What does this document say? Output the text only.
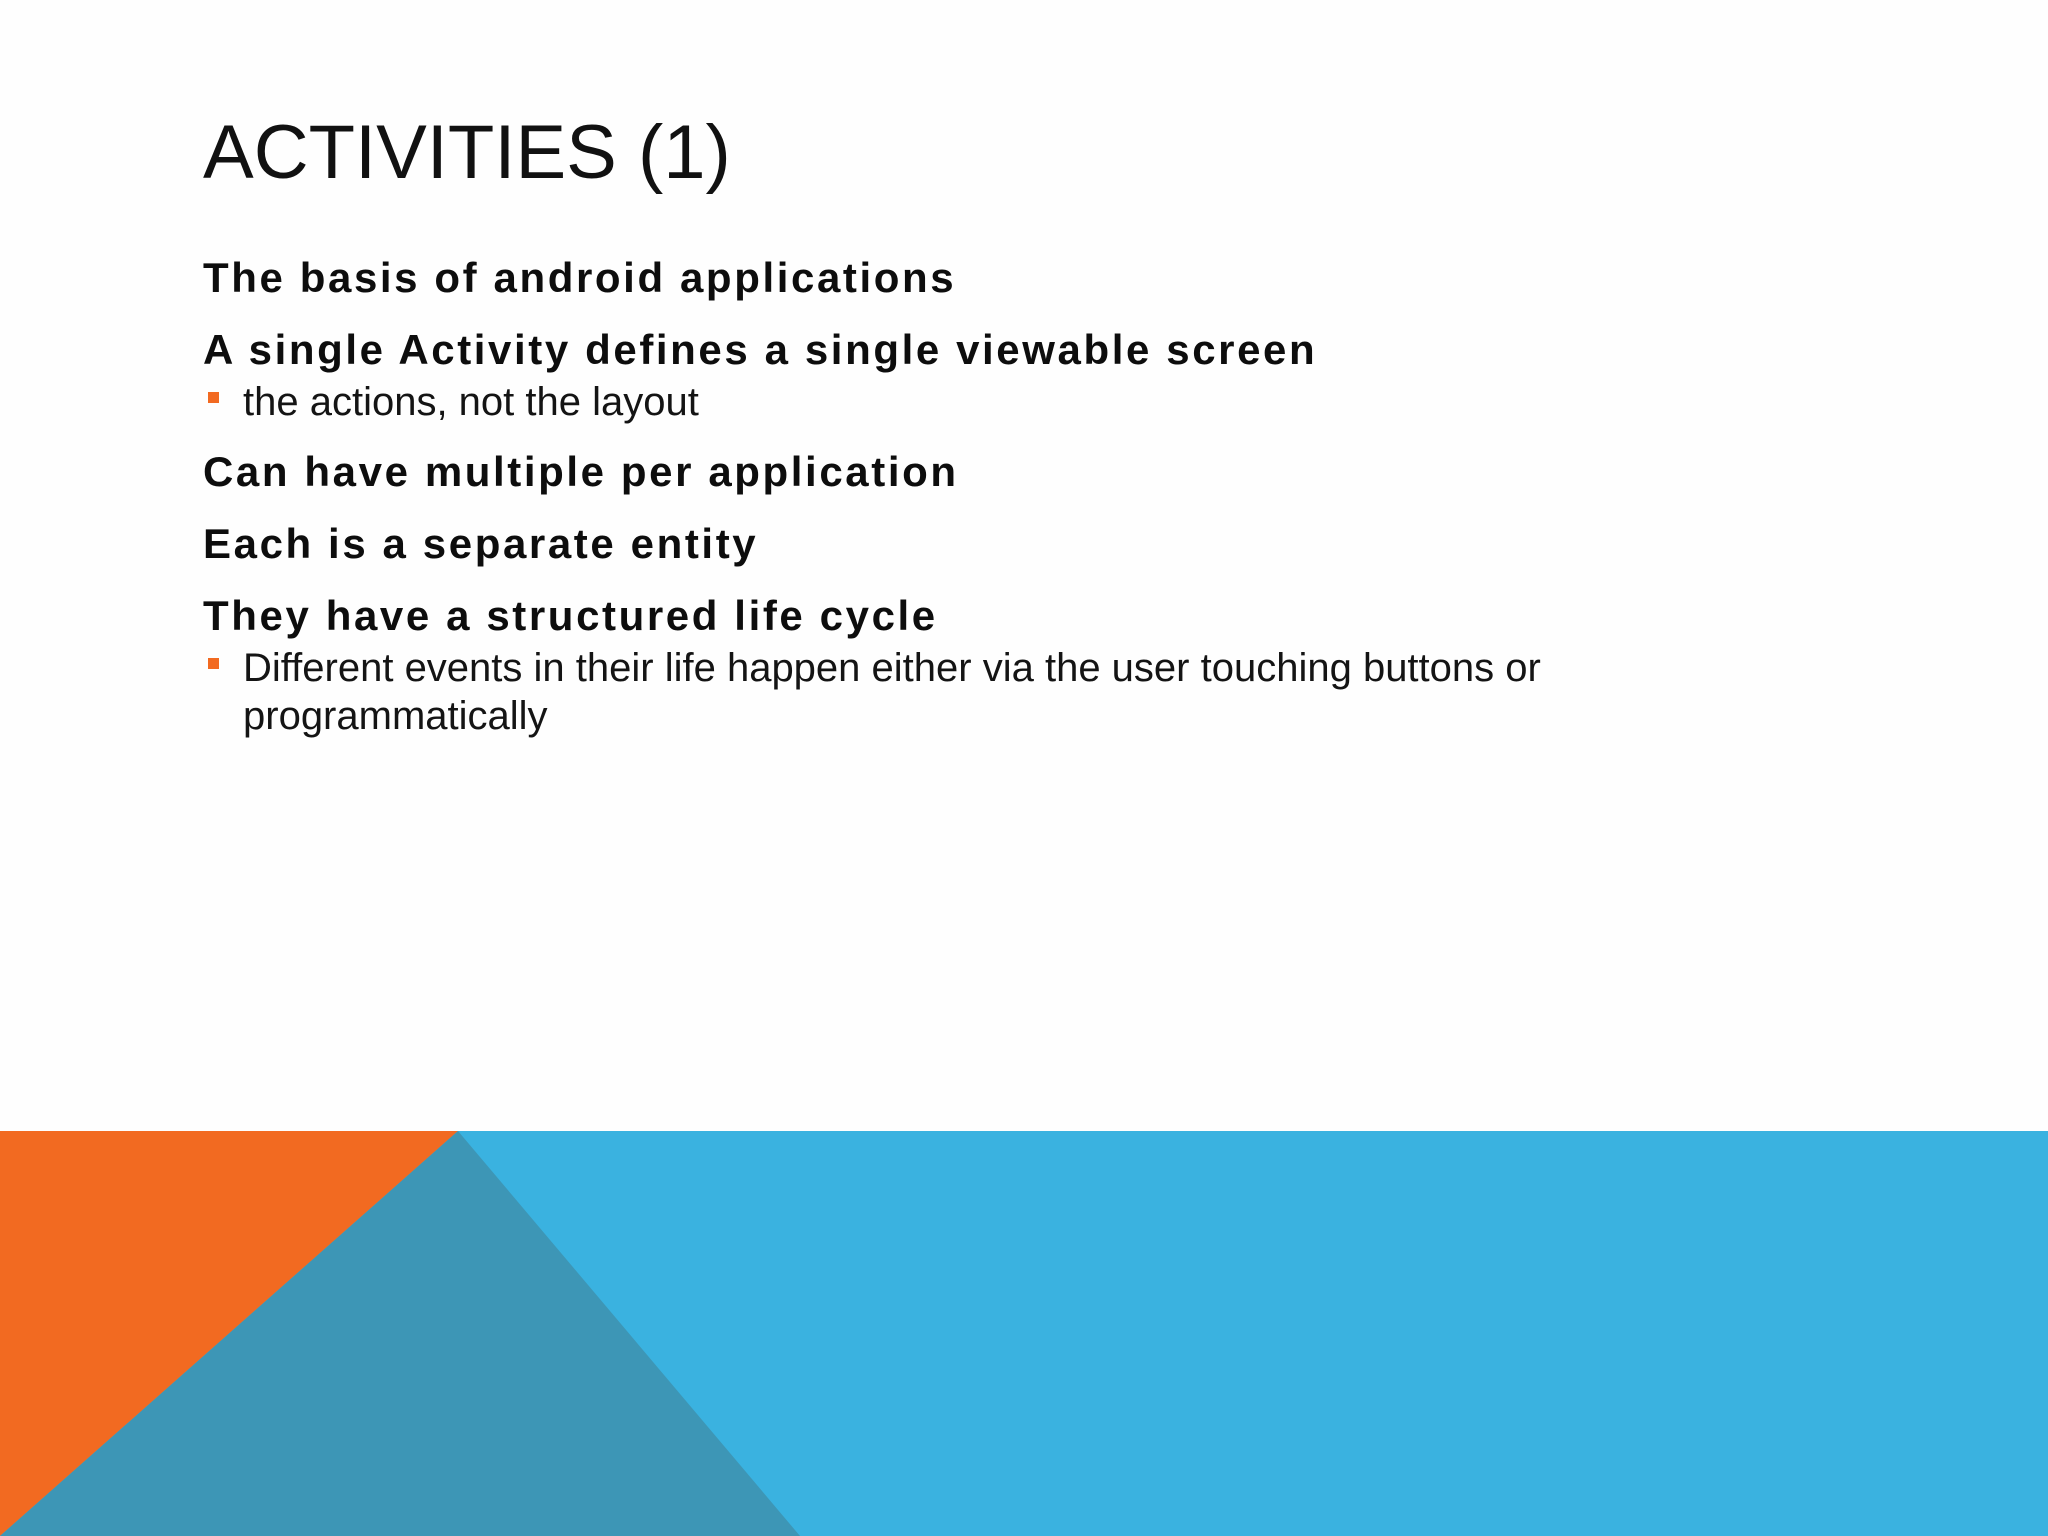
ACTIVITIES (1)
The basis of android applications
A single Activity defines a single viewable screen
the actions, not the layout
Can have multiple per application
Each is a separate entity
They have a structured life cycle
Different events in their life happen either via the user touching buttons or programmatically
